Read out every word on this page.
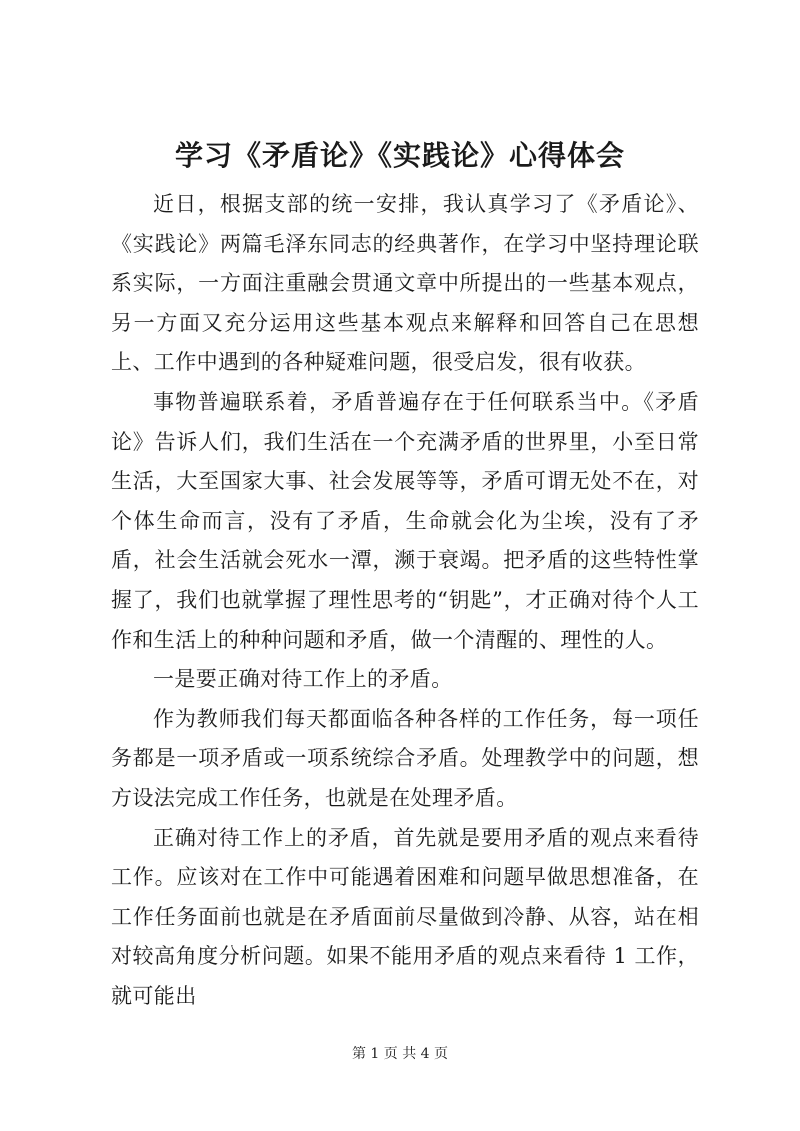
学习《矛盾论》《实践论》心得体会

近日，根据支部的统一安排，我认真学习了《矛盾论》、《实践论》两篇毛泽东同志的经典著作，在学习中坚持理论联系实际，一方面注重融会贯通文章中所提出的一些基本观点，另一方面又充分运用这些基本观点来解释和回答自己在思想上、工作中遇到的各种疑难问题，很受启发，很有收获。

事物普遍联系着，矛盾普遍存在于任何联系当中。《矛盾论》告诉人们，我们生活在一个充满矛盾的世界里，小至日常生活，大至国家大事、社会发展等等，矛盾可谓无处不在，对个体生命而言，没有了矛盾，生命就会化为尘埃，没有了矛盾，社会生活就会死水一潭，濒于衰竭。把矛盾的这些特性掌握了，我们也就掌握了理性思考的“钥匙”，才正确对待个人工作和生活上的种种问题和矛盾，做一个清醒的、理性的人。

一是要正确对待工作上的矛盾。

作为教师我们每天都面临各种各样的工作任务，每一项任务都是一项矛盾或一项系统综合矛盾。处理教学中的问题，想方设法完成工作任务，也就是在处理矛盾。

正确对待工作上的矛盾，首先就是要用矛盾的观点来看待工作。应该对在工作中可能遇着困难和问题早做思想准备，在工作任务面前也就是在矛盾面前尽量做到冷静、从容，站在相对较高角度分析问题。如果不能用矛盾的观点来看待 1 工作，就可能出

第 1 页 共 4 页
